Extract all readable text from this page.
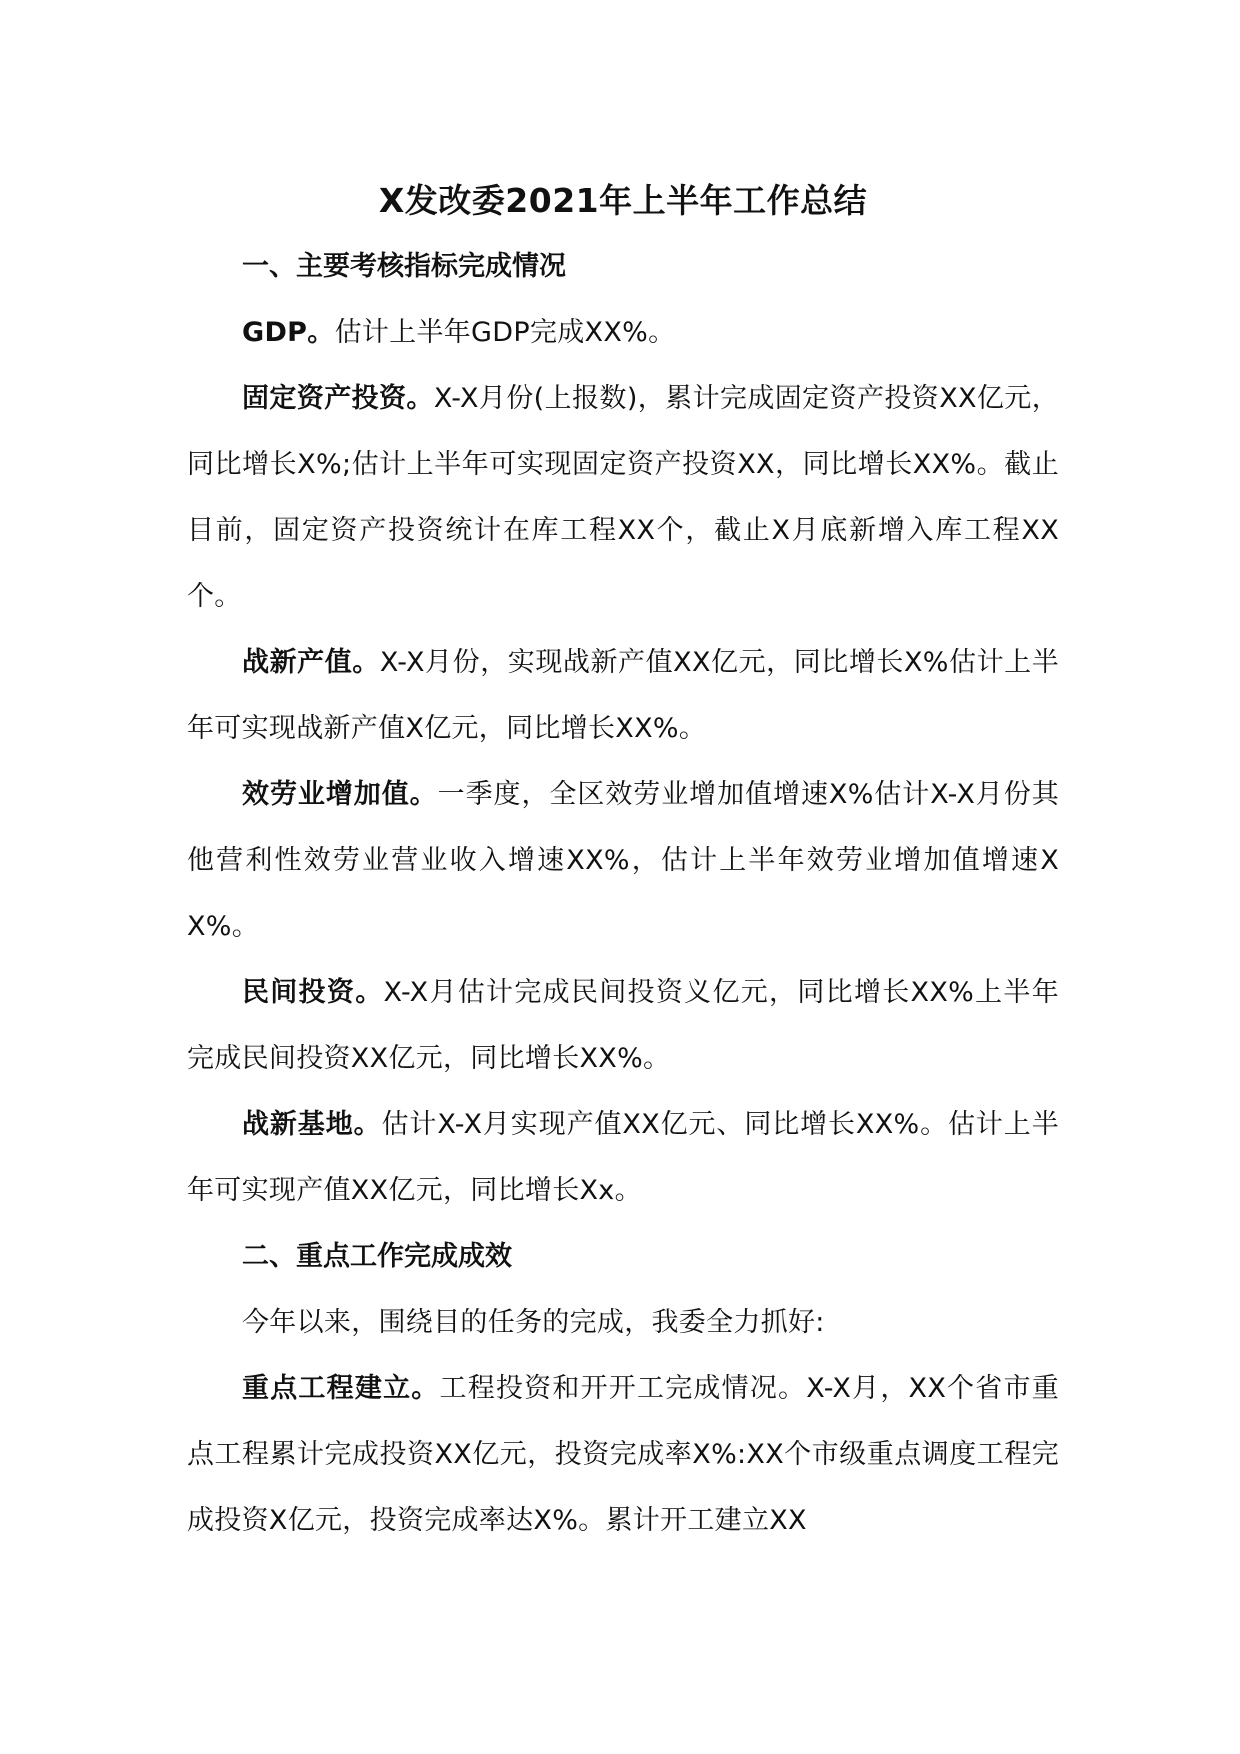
X发改委2021年上半年工作总结
一、主要考核指标完成情况

GDP。估计上半年GDP完成XX%。

固定资产投资。X-X月份(上报数)，累计完成固定资产投资XX亿元，同比增长X%;估计上半年可实现固定资产投资XX，同比增长XX%。截止目前，固定资产投资统计在库工程XX个，截止X月底新增入库工程XX个。

战新产值。X-X月份，实现战新产值XX亿元，同比增长X%估计上半年可实现战新产值X亿元，同比增长XX%。

效劳业增加值。一季度，全区效劳业增加值增速X%估计X-X月份其他营利性效劳业营业收入增速XX%，估计上半年效劳业增加值增速XX%。

民间投资。X-X月估计完成民间投资义亿元，同比增长XX%上半年完成民间投资XX亿元，同比增长XX%。

战新基地。估计X-X月实现产值XX亿元、同比增长XX%。估计上半年可实现产值XX亿元，同比增长Xx。

二、重点工作完成成效

今年以来，围绕目的任务的完成，我委全力抓好:

重点工程建立。工程投资和开开工完成情况。X-X月，XX个省市重点工程累计完成投资XX亿元，投资完成率X%:XX个市级重点调度工程完成投资X亿元，投资完成率达X%。累计开工建立XX
